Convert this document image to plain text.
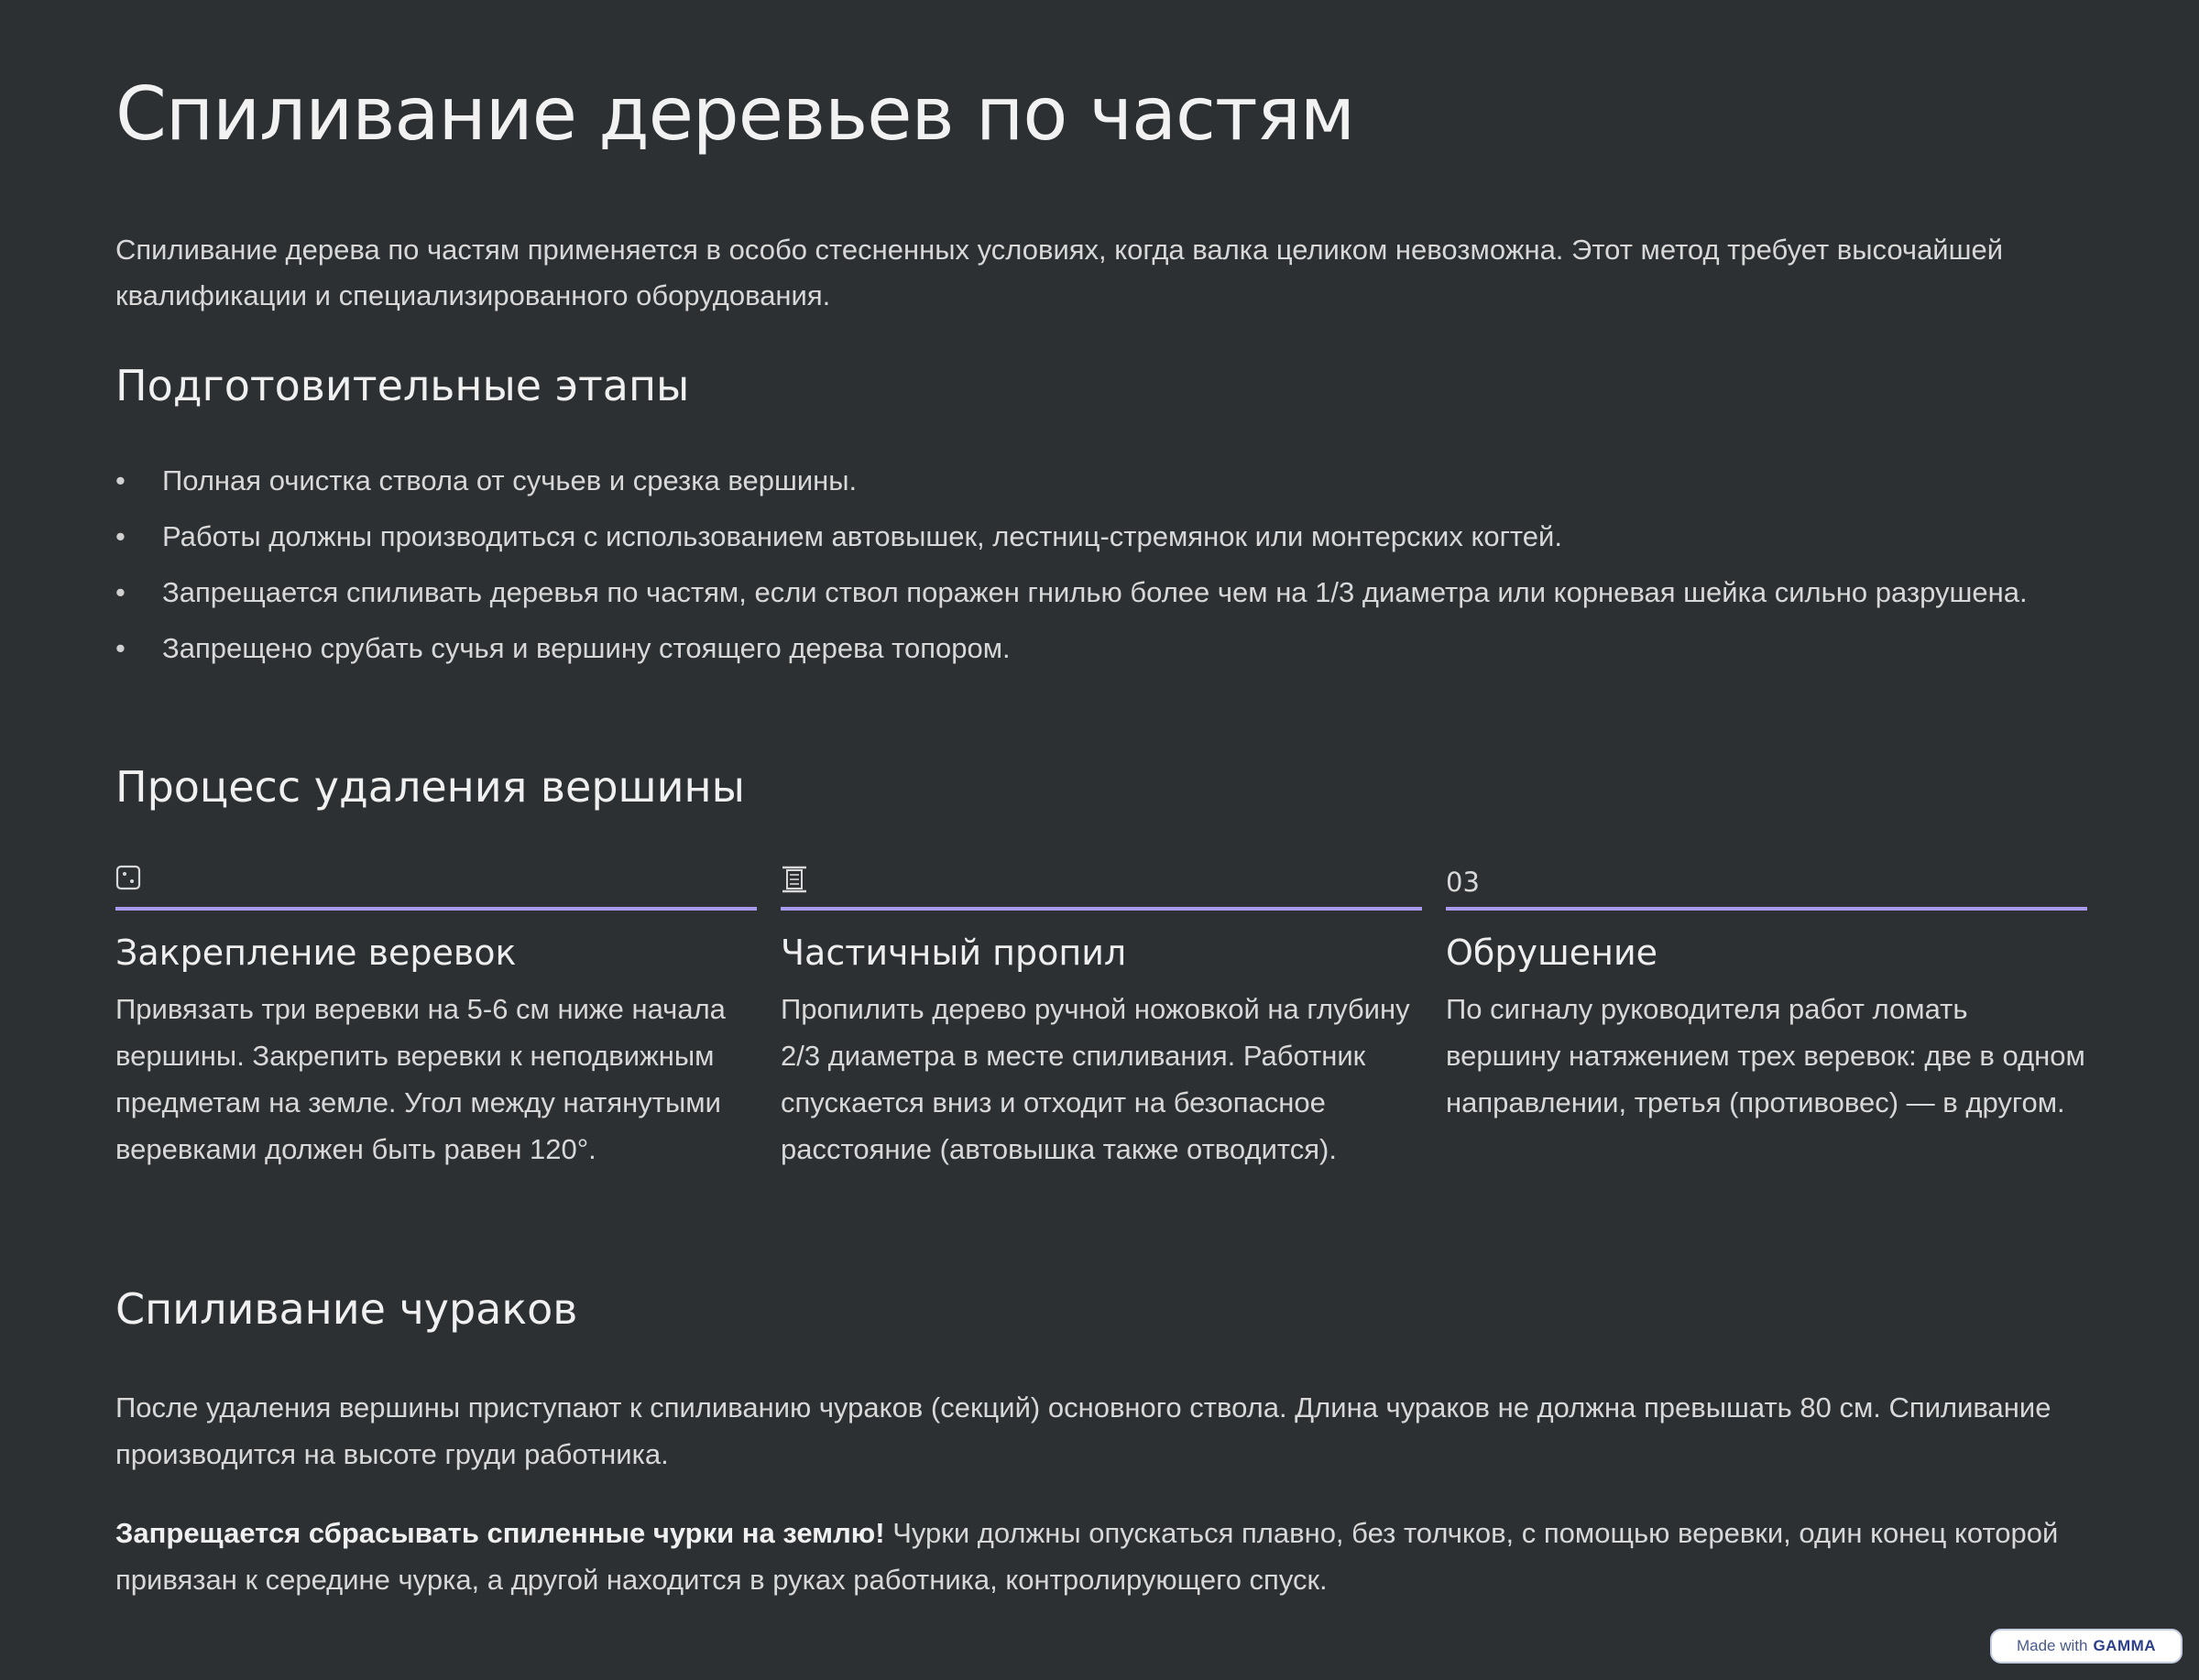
Спиливание деревьев по частям
Спиливание дерева по частям применяется в особо стесненных условиях, когда валка целиком невозможна. Этот метод требует высочайшей квалификации и специализированного оборудования.
Подготовительные этапы
• Полная очистка ствола от сучьев и срезка вершины.
• Работы должны производиться с использованием автовышек, лестниц-стремянок или монтерских когтей.
• Запрещается спиливать деревья по частям, если ствол поражен гнилью более чем на 1/3 диаметра или корневая шейка сильно разрушена.
• Запрещено срубать сучья и вершину стоящего дерева топором.
Процесс удаления вершины
Закрепление веревок
Привязать три веревки на 5-6 см ниже начала вершины. Закрепить веревки к неподвижным предметам на земле. Угол между натянутыми веревками должен быть равен 120°.
Частичный пропил
Пропилить дерево ручной ножовкой на глубину 2/3 диаметра в месте спиливания. Работник спускается вниз и отходит на безопасное расстояние (автовышка также отводится).
03
Обрушение
По сигналу руководителя работ ломать вершину натяжением трех веревок: две в одном направлении, третья (противовес) — в другом.
Спиливание чураков
После удаления вершины приступают к спиливанию чураков (секций) основного ствола. Длина чураков не должна превышать 80 см. Спиливание производится на высоте груди работника.
Запрещается сбрасывать спиленные чурки на землю! Чурки должны опускаться плавно, без толчков, с помощью веревки, один конец которой привязан к середине чурка, а другой находится в руках работника, контролирующего спуск.
Made with GAMMA
